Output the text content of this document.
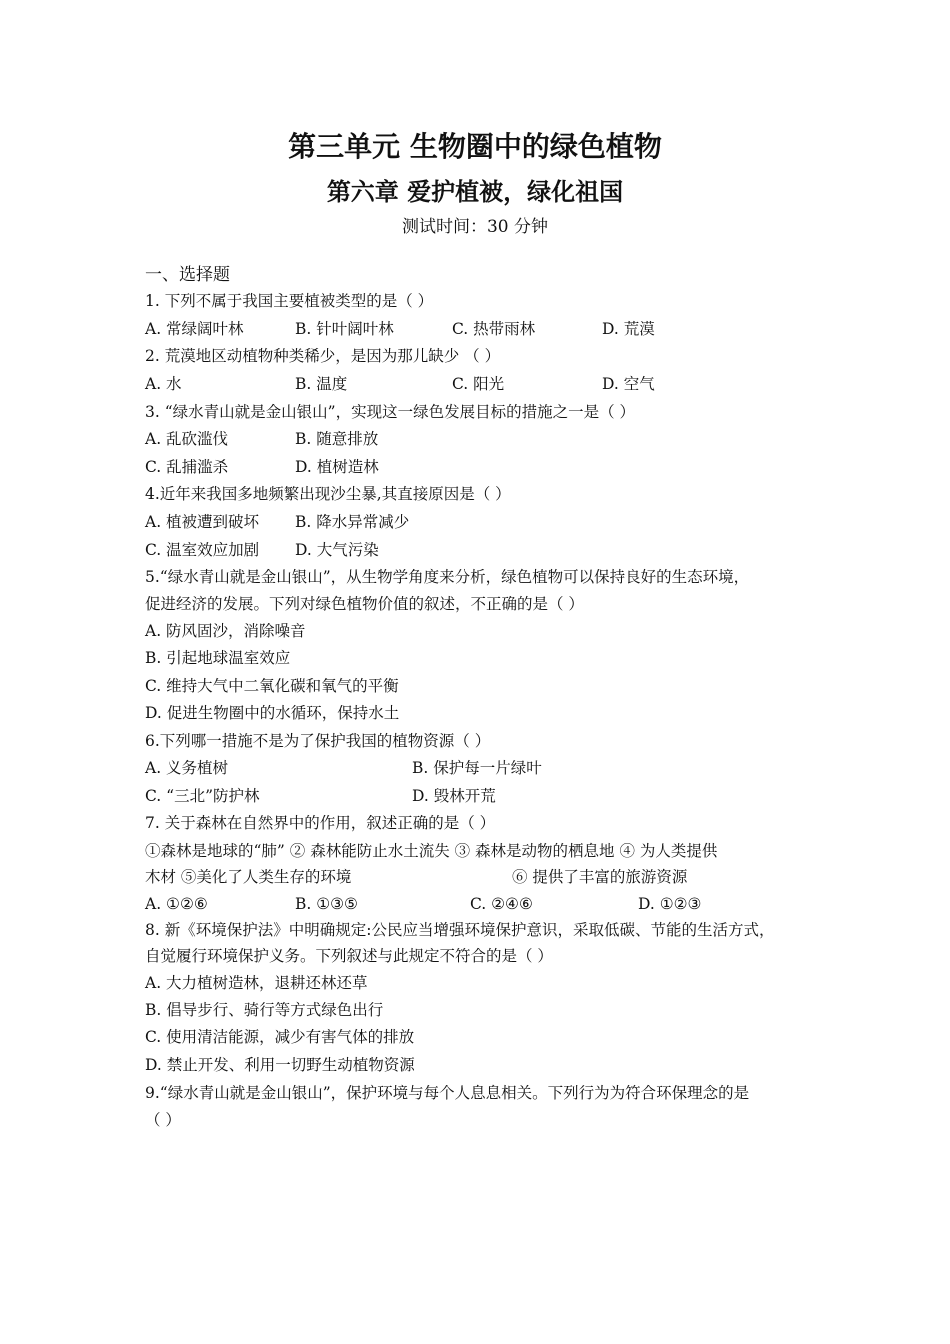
第三单元 生物圈中的绿色植物
第六章 爱护植被，绿化祖国
测试时间：30 分钟
一、选择题
1. 下列不属于我国主要植被类型的是（ ）
A. 常绿阔叶林	B. 针叶阔叶林	C. 热带雨林	D. 荒漠
2. 荒漠地区动植物种类稀少，是因为那儿缺少 （ ）
A. 水	B. 温度	C. 阳光	D. 空气
3. “绿水青山就是金山银山”，实现这一绿色发展目标的措施之一是（ ）
A. 乱砍滥伐	B. 随意排放
C. 乱捕滥杀	D. 植树造林
4.近年来我国多地频繁出现沙尘暴,其直接原因是（ ）
A. 植被遭到破坏 B. 降水异常减少
C. 温室效应加剧 D. 大气污染
5.“绿水青山就是金山银山”，从生物学角度来分析，绿色植物可以保持良好的生态环境，
促进经济的发展。下列对绿色植物价值的叙述，不正确的是（ ）
A. 防风固沙，消除噪音
B. 引起地球温室效应
C. 维持大气中二氧化碳和氧气的平衡
D. 促进生物圈中的水循环，保持水土
6.下列哪一措施不是为了保护我国的植物资源（ ）
A. 义务植树	B. 保护每一片绿叶
C. “三北”防护林	D. 毁林开荒
7. 关于森林在自然界中的作用，叙述正确的是（ ）
①森林是地球的“肺” ② 森林能防止水土流失 ③ 森林是动物的栖息地 ④ 为人类提供
木材 ⑤美化了人类生存的环境	⑥ 提供了丰富的旅游资源
A. ①②⑥	B. ①③⑤	C. ②④⑥	D. ①②③
8. 新《环境保护法》中明确规定:公民应当增强环境保护意识，采取低碳、节能的生活方式，
自觉履行环境保护义务。下列叙述与此规定不符合的是（ ）
A. 大力植树造林，退耕还林还草
B. 倡导步行、骑行等方式绿色出行
C. 使用清洁能源，减少有害气体的排放
D. 禁止开发、利用一切野生动植物资源
9.“绿水青山就是金山银山”，保护环境与每个人息息相关。下列行为为符合环保理念的是
（ ）
